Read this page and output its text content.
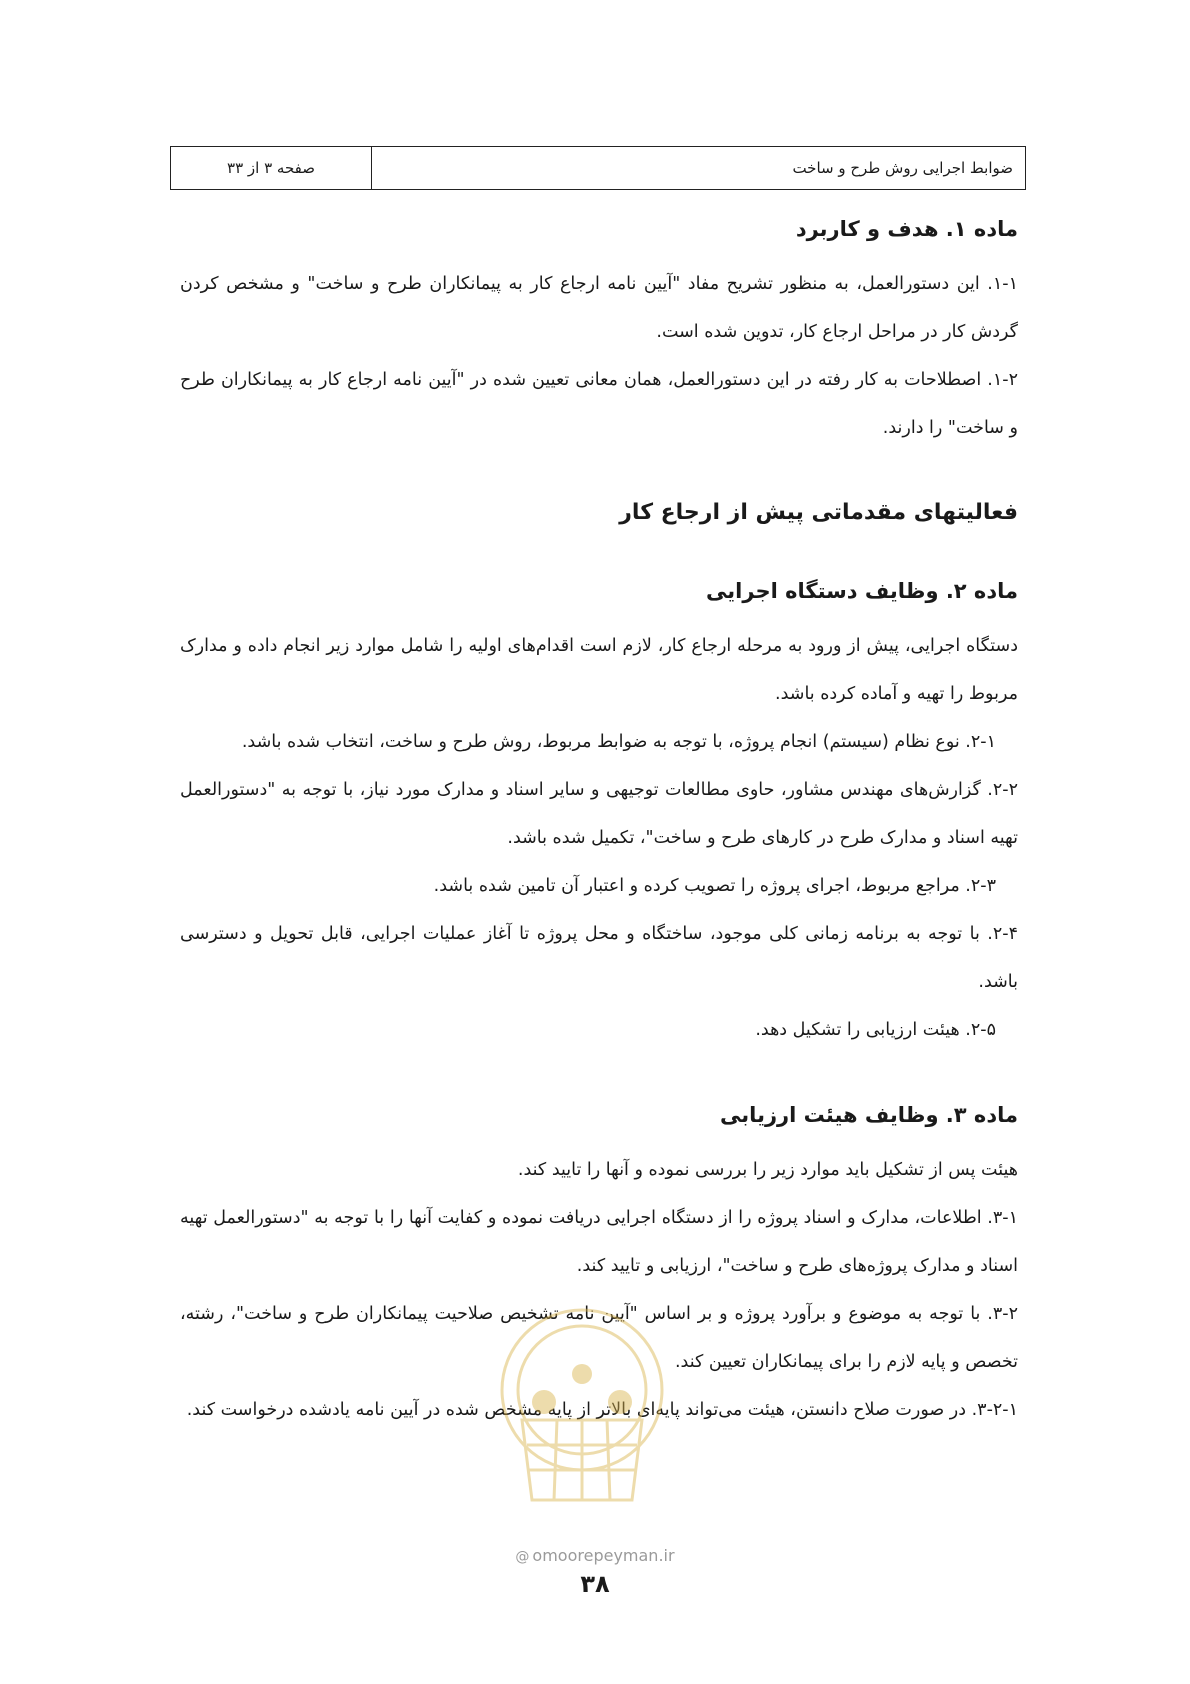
ضوابط اجرایی روش طرح و ساخت
صفحه ۳ از ۳۳
ماده ۱. هدف و کاربرد

۱-۱. این دستورالعمل، به منظور تشریح مفاد "آیین نامه ارجاع کار به پیمانکاران طرح و ساخت" و مشخص کردن گردش کار در مراحل ارجاع کار، تدوین شده است.

۱-۲. اصطلاحات به کار رفته در این دستورالعمل، همان معانی تعیین شده در "آیین نامه ارجاع کار به پیمانکاران طرح و ساخت" را دارند.

فعالیتهای مقدماتی پیش از ارجاع کار
ماده ۲. وظایف دستگاه اجرایی

دستگاه اجرایی، پیش از ورود به مرحله ارجاع کار، لازم است اقدام‌های اولیه را شامل موارد زیر انجام داده و مدارک مربوط را تهیه و آماده کرده باشد.

۲-۱. نوع نظام (سیستم) انجام پروژه، با توجه به ضوابط مربوط، روش طرح و ساخت، انتخاب شده باشد.

۲-۲. گزارش‌های مهندس مشاور، حاوی مطالعات توجیهی و سایر اسناد و مدارک مورد نیاز، با توجه به "دستورالعمل تهیه اسناد و مدارک طرح در کارهای طرح و ساخت"، تکمیل شده باشد.

۲-۳. مراجع مربوط، اجرای پروژه را تصویب کرده و اعتبار آن تامین شده باشد.

۲-۴. با توجه به برنامه زمانی کلی موجود، ساختگاه و محل پروژه تا آغاز عملیات اجرایی، قابل تحویل و دسترسی باشد.

۲-۵. هیئت ارزیابی را تشکیل دهد.

ماده ۳. وظایف هیئت ارزیابی

هیئت پس از تشکیل باید موارد زیر را بررسی نموده و آنها را تایید کند.

۳-۱. اطلاعات، مدارک و اسناد پروژه را از دستگاه اجرایی دریافت نموده و کفایت آنها را با توجه به "دستورالعمل تهیه اسناد و مدارک پروژه‌های طرح و ساخت"، ارزیابی و تایید کند.

۳-۲. با توجه به موضوع و برآورد پروژه و بر اساس "آیین نامه تشخیص صلاحیت پیمانکاران طرح و ساخت"، رشته، تخصص و پایه لازم را برای پیمانکاران تعیین کند.

۳-۲-۱. در صورت صلاح دانستن، هیئت می‌تواند پایه‌ای بالاتر از پایه مشخص شده در آیین نامه یادشده درخواست کند.

@ omoorepeyman.ir
۳۸
